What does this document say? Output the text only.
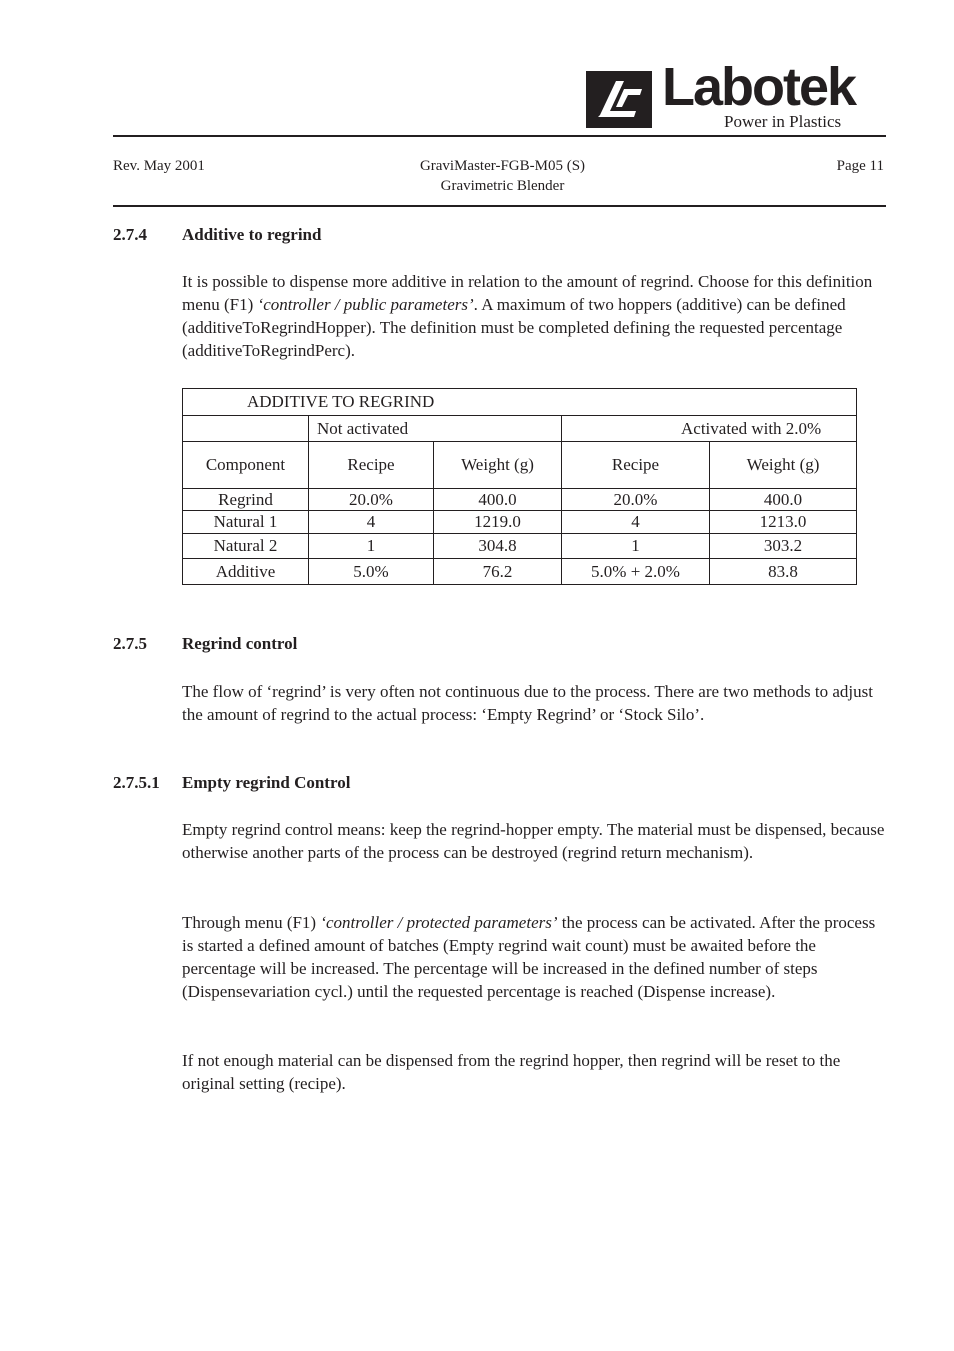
Labotek
Power in Plastics
Rev. May 2001	GraviMaster-FGB-M05 (S)
Gravimetric Blender
Page 11
2.7.4 Additive to regrind
It is possible to dispense more additive in relation to the amount of regrind. Choose for this definition menu (F1) ‘controller / public parameters’. A maximum of two hoppers (additive) can be defined (additiveToRegrindHopper). The definition must be completed defining the requested percentage (additiveToRegrindPerc).
ADDITIVE TO REGRIND				
	Not activated		Activated with 2.0%	
Component	Recipe	Weight (g)	Recipe	Weight (g)
Regrind	20.0%	400.0	20.0%	400.0
Natural 1	4	1219.0	4	1213.0
Natural 2	1	304.8	1	303.2
Additive	5.0%	76.2	5.0% + 2.0%	83.8
2.7.5 Regrind control
The flow of ‘regrind’ is very often not continuous due to the process. There are two methods to adjust the amount of regrind to the actual process: ‘Empty Regrind’ or ‘Stock Silo’.
2.7.5.1 Empty regrind Control
Empty regrind control means: keep the regrind-hopper empty. The material must be dispensed, because otherwise another parts of the process can be destroyed (regrind return mechanism).
Through menu (F1) ‘controller / protected parameters’ the process can be activated. After the process is started a defined amount of batches (Empty regrind wait count) must be awaited before the percentage will be increased. The percentage will be increased in the defined number of steps (Dispensevariation cycl.) until the requested percentage is reached (Dispense increase).
If not enough material can be dispensed from the regrind hopper, then regrind will be reset to the original setting (recipe).
